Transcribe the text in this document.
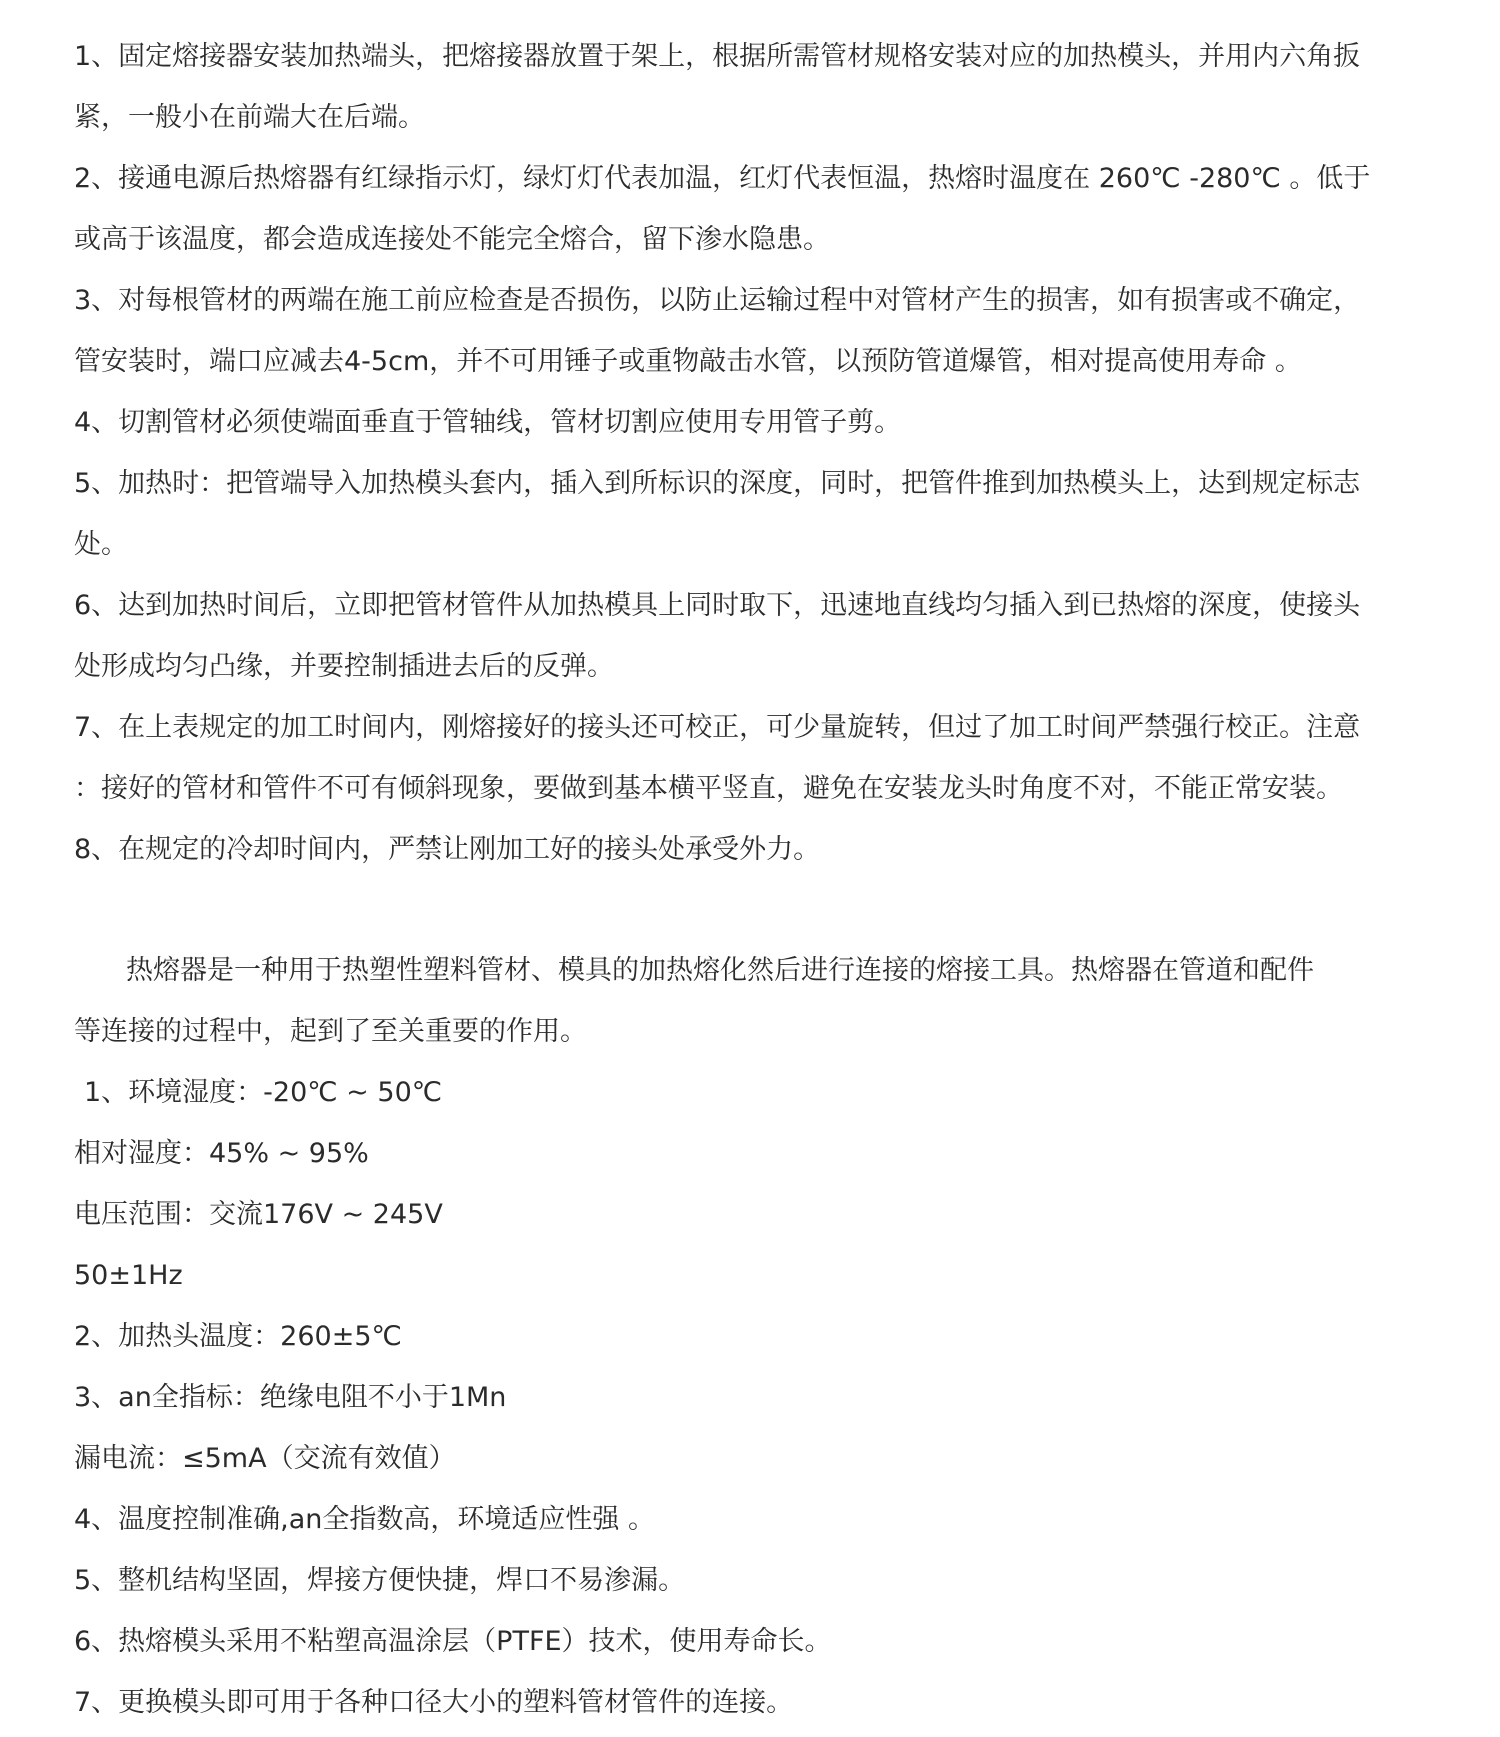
1、固定熔接器安装加热端头，把熔接器放置于架上，根据所需管材规格安装对应的加热模头，并用内六角扳

紧，一般小在前端大在后端。

2、接通电源后热熔器有红绿指示灯，绿灯灯代表加温，红灯代表恒温，热熔时温度在 260℃ -280℃ 。低于

或高于该温度，都会造成连接处不能完全熔合，留下渗水隐患。

3、对每根管材的两端在施工前应检查是否损伤，以防止运输过程中对管材产生的损害，如有损害或不确定，

管安装时，端口应减去4-5cm，并不可用锤子或重物敲击水管，以预防管道爆管，相对提高使用寿命 。

4、切割管材必须使端面垂直于管轴线，管材切割应使用专用管子剪。

5、加热时：把管端导入加热模头套内，插入到所标识的深度，同时，把管件推到加热模头上，达到规定标志

处。

6、达到加热时间后，立即把管材管件从加热模具上同时取下，迅速地直线均匀插入到已热熔的深度，使接头

处形成均匀凸缘，并要控制插进去后的反弹。

7、在上表规定的加工时间内，刚熔接好的接头还可校正，可少量旋转，但过了加工时间严禁强行校正。注意

：接好的管材和管件不可有倾斜现象，要做到基本横平竖直，避免在安装龙头时角度不对，不能正常安装。

8、在规定的冷却时间内，严禁让刚加工好的接头处承受外力。

热熔器是一种用于热塑性塑料管材、模具的加热熔化然后进行连接的熔接工具。热熔器在管道和配件

等连接的过程中，起到了至关重要的作用。

1、环境湿度：-20℃ ~ 50℃

相对湿度：45% ~ 95%

电压范围：交流176V ~ 245V

50±1Hz

2、加热头温度：260±5℃

3、an全指标：绝缘电阻不小于1Mn

漏电流：≤5mA（交流有效值）

4、温度控制准确,an全指数高，环境适应性强 。

5、整机结构坚固，焊接方便快捷，焊口不易渗漏。

6、热熔模头采用不粘塑高温涂层（PTFE）技术，使用寿命长。

7、更换模头即可用于各种口径大小的塑料管材管件的连接。
